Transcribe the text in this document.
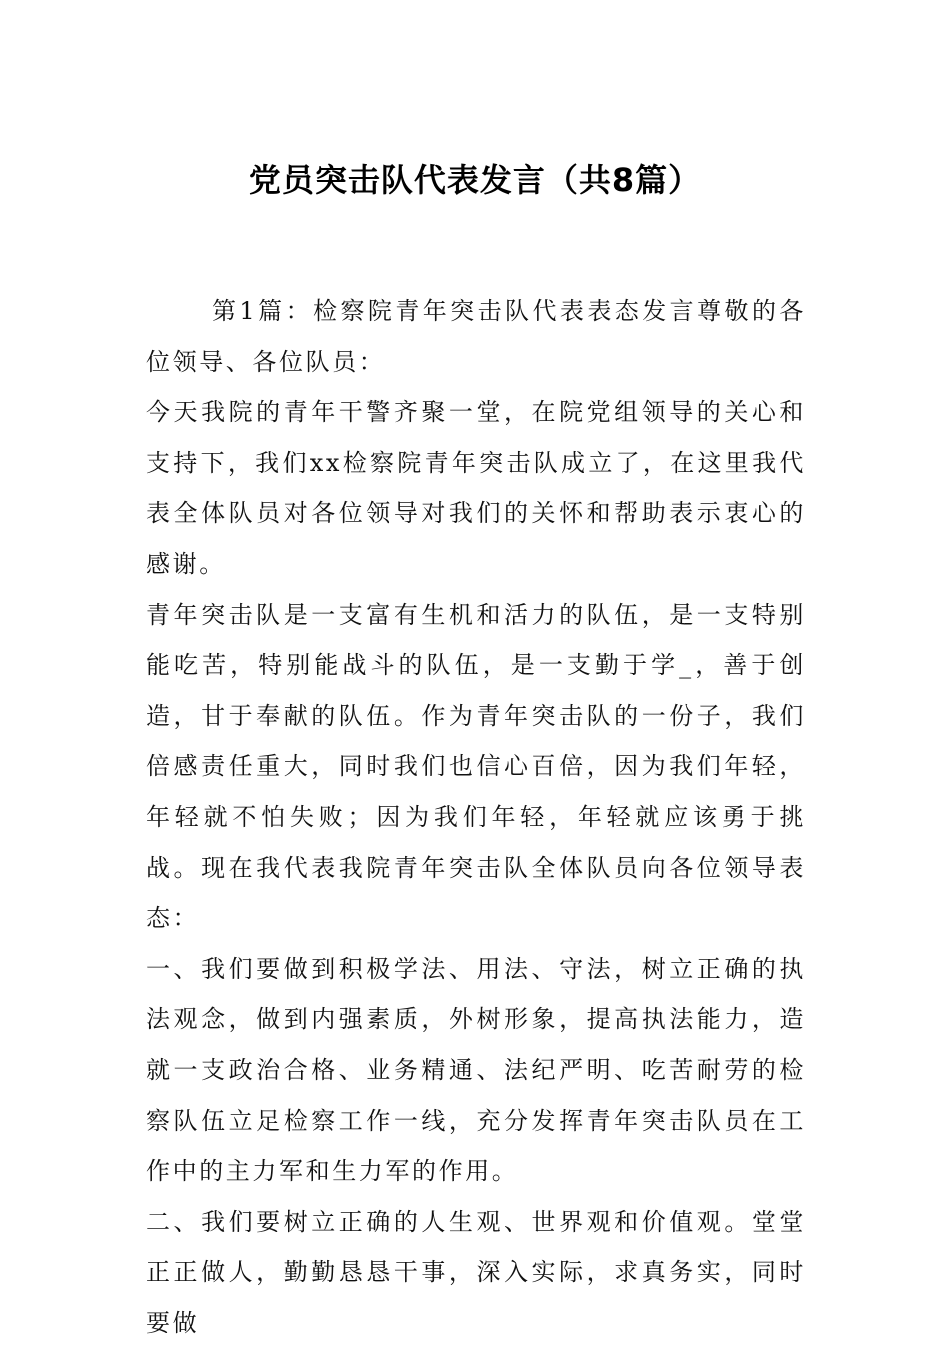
党员突击队代表发言（共8篇）

第1篇：检察院青年突击队代表表态发言尊敬的各位领导、各位队员：

今天我院的青年干警齐聚一堂，在院党组领导的关心和支持下，我们xx检察院青年突击队成立了，在这里我代表全体队员对各位领导对我们的关怀和帮助表示衷心的感谢。

青年突击队是一支富有生机和活力的队伍，是一支特别能吃苦，特别能战斗的队伍，是一支勤于学_，善于创造，甘于奉献的队伍。作为青年突击队的一份子，我们倍感责任重大，同时我们也信心百倍，因为我们年轻，年轻就不怕失败；因为我们年轻，年轻就应该勇于挑战。现在我代表我院青年突击队全体队员向各位领导表态：

一、我们要做到积极学法、用法、守法，树立正确的执法观念，做到内强素质，外树形象，提高执法能力，造就一支政治合格、业务精通、法纪严明、吃苦耐劳的检察队伍立足检察工作一线，充分发挥青年突击队员在工作中的主力军和生力军的作用。

二、我们要树立正确的人生观、世界观和价值观。堂堂正正做人，勤勤恳恳干事，深入实际，求真务实，同时要做
